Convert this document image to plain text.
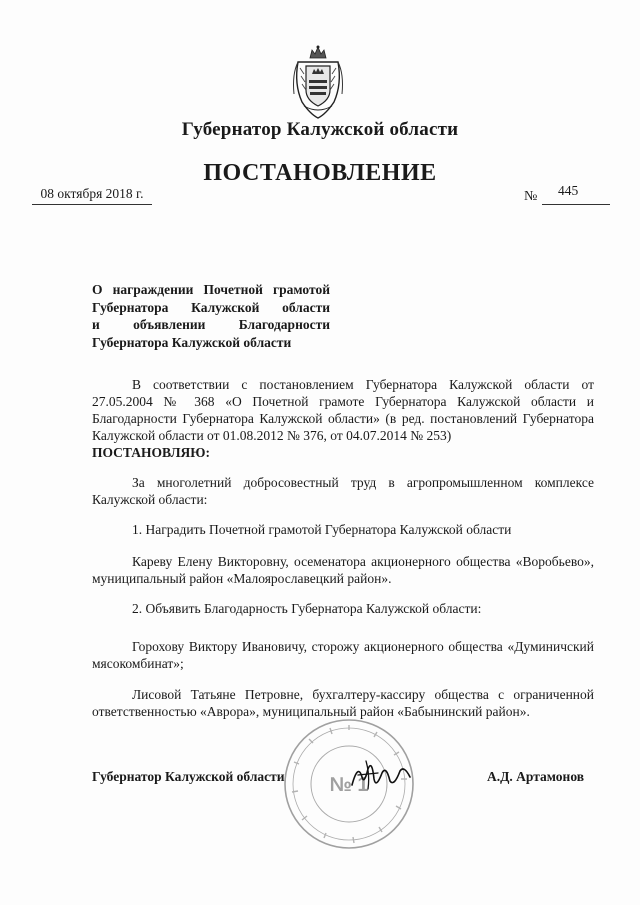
Губернатор Калужской области
ПОСТАНОВЛЕНИЕ
08 октября 2018 г.	№ 445
О награждении Почетной грамотой
Губернатора Калужской области
и объявлении Благодарности
Губернатора Калужской области
В соответствии с постановлением Губернатора Калужской области от 27.05.2004 № 368 «О Почетной грамоте Губернатора Калужской области и Благодарности Губернатора Калужской области» (в ред. постановлений Губернатора Калужской области от 01.08.2012 № 376, от 04.07.2014 № 253)
ПОСТАНОВЛЯЮ:
За многолетний добросовестный труд в агропромышленном комплексе Калужской области:
1. Наградить Почетной грамотой Губернатора Калужской области
Кареву Елену Викторовну, осеменатора акционерного общества «Воробьево», муниципальный район «Малоярославецкий район».
2. Объявить Благодарность Губернатора Калужской области:
Горохову Виктору Ивановичу, сторожу акционерного общества «Думиничский мясокомбинат»;
Лисовой Татьяне Петровне, бухгалтеру-кассиру общества с ограниченной ответственностью «Аврора», муниципальный район «Бабынинский район».
№ 1
Губернатор Калужской области	А.Д. Артамонов
